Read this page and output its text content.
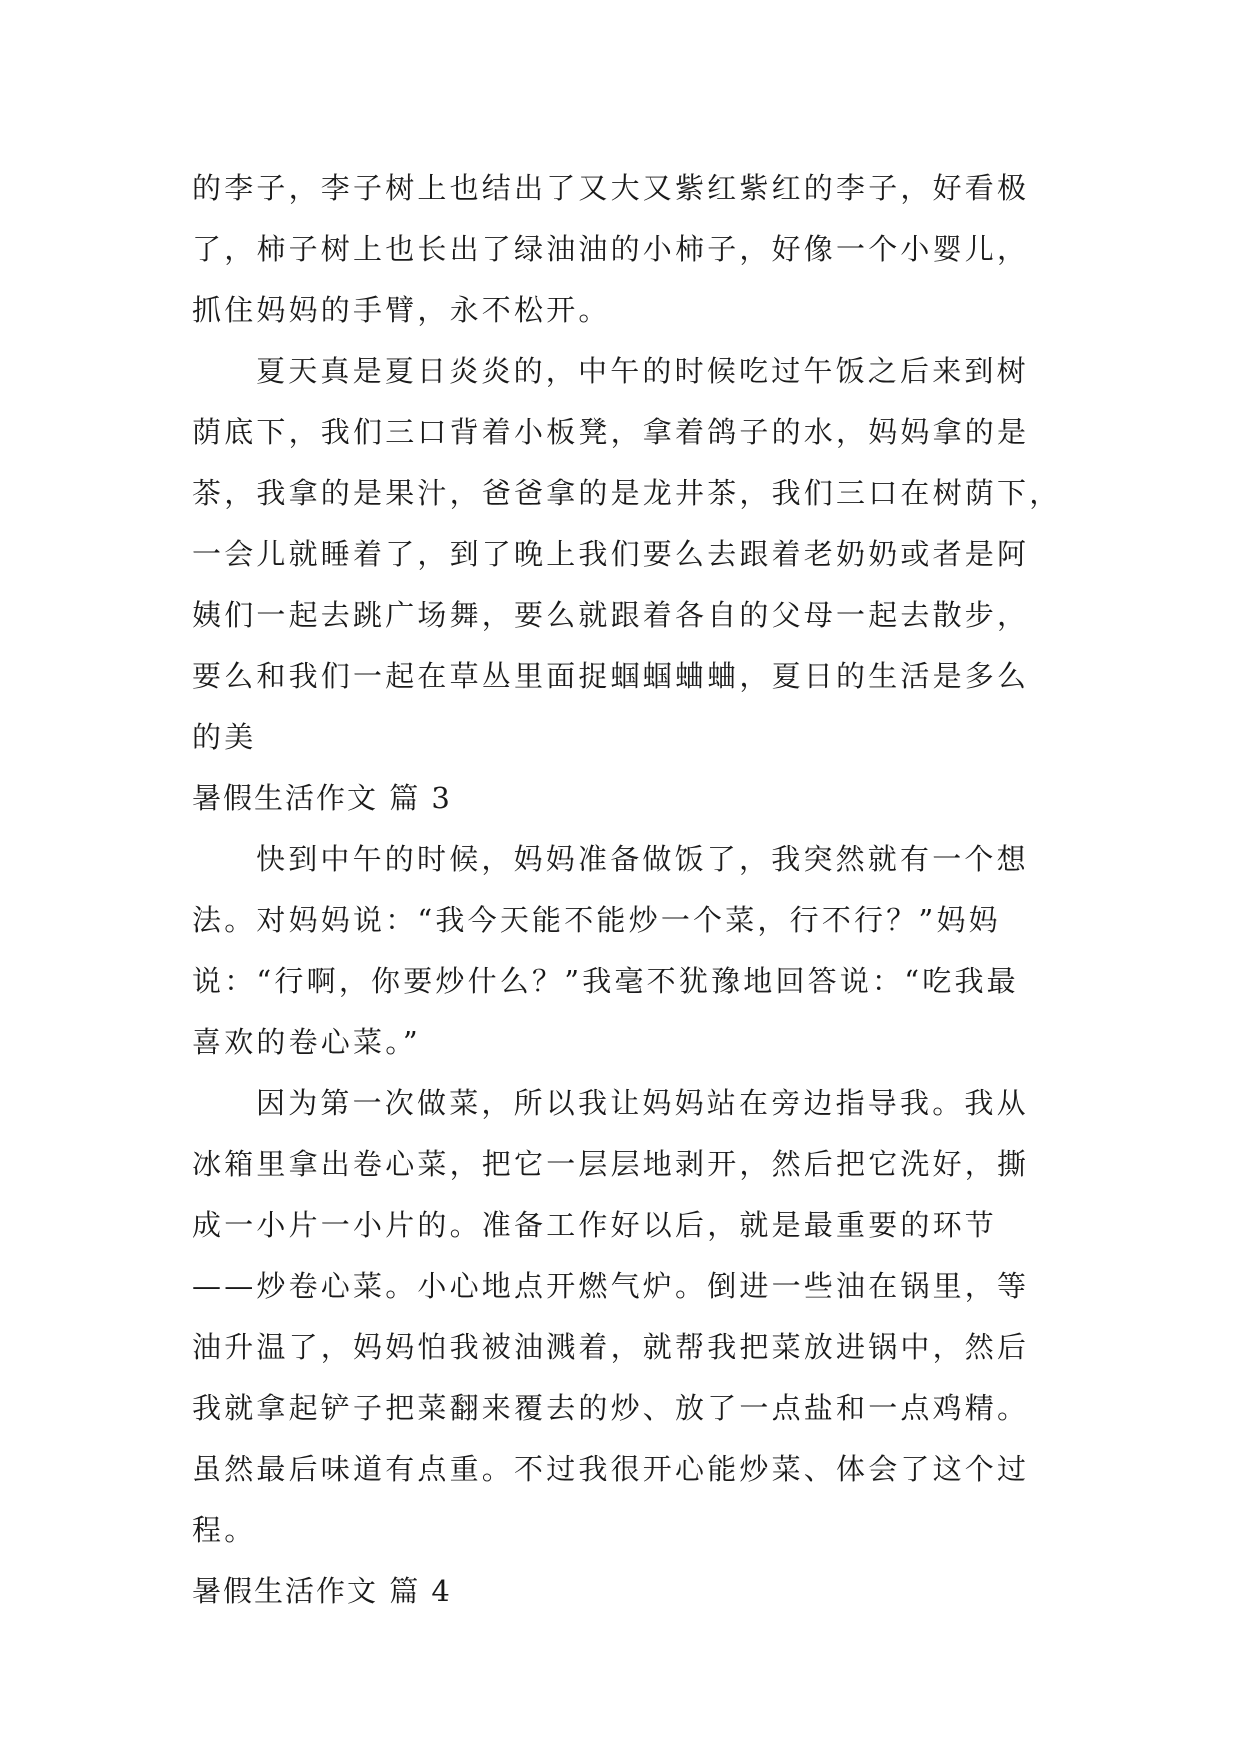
的李子，李子树上也结出了又大又紫红紫红的李子，好看极
了，柿子树上也长出了绿油油的小柿子，好像一个小婴儿，
抓住妈妈的手臂，永不松开。
夏天真是夏日炎炎的，中午的时候吃过午饭之后来到树
荫底下，我们三口背着小板凳，拿着鸽子的水，妈妈拿的是
茶，我拿的是果汁，爸爸拿的是龙井茶，我们三口在树荫下，
一会儿就睡着了，到了晚上我们要么去跟着老奶奶或者是阿
姨们一起去跳广场舞，要么就跟着各自的父母一起去散步，
要么和我们一起在草丛里面捉蝈蝈蛐蛐，夏日的生活是多么
的美
暑假生活作文 篇 3
快到中午的时候，妈妈准备做饭了，我突然就有一个想
法。对妈妈说：“我今天能不能炒一个菜，行不行？”妈妈
说：“行啊，你要炒什么？”我毫不犹豫地回答说：“吃我最
喜欢的卷心菜。”
因为第一次做菜，所以我让妈妈站在旁边指导我。我从
冰箱里拿出卷心菜，把它一层层地剥开，然后把它洗好，撕
成一小片一小片的。准备工作好以后，就是最重要的环节
——炒卷心菜。小心地点开燃气炉。倒进一些油在锅里，等
油升温了，妈妈怕我被油溅着，就帮我把菜放进锅中，然后
我就拿起铲子把菜翻来覆去的炒、放了一点盐和一点鸡精。
虽然最后味道有点重。不过我很开心能炒菜、体会了这个过
程。
暑假生活作文 篇 4
